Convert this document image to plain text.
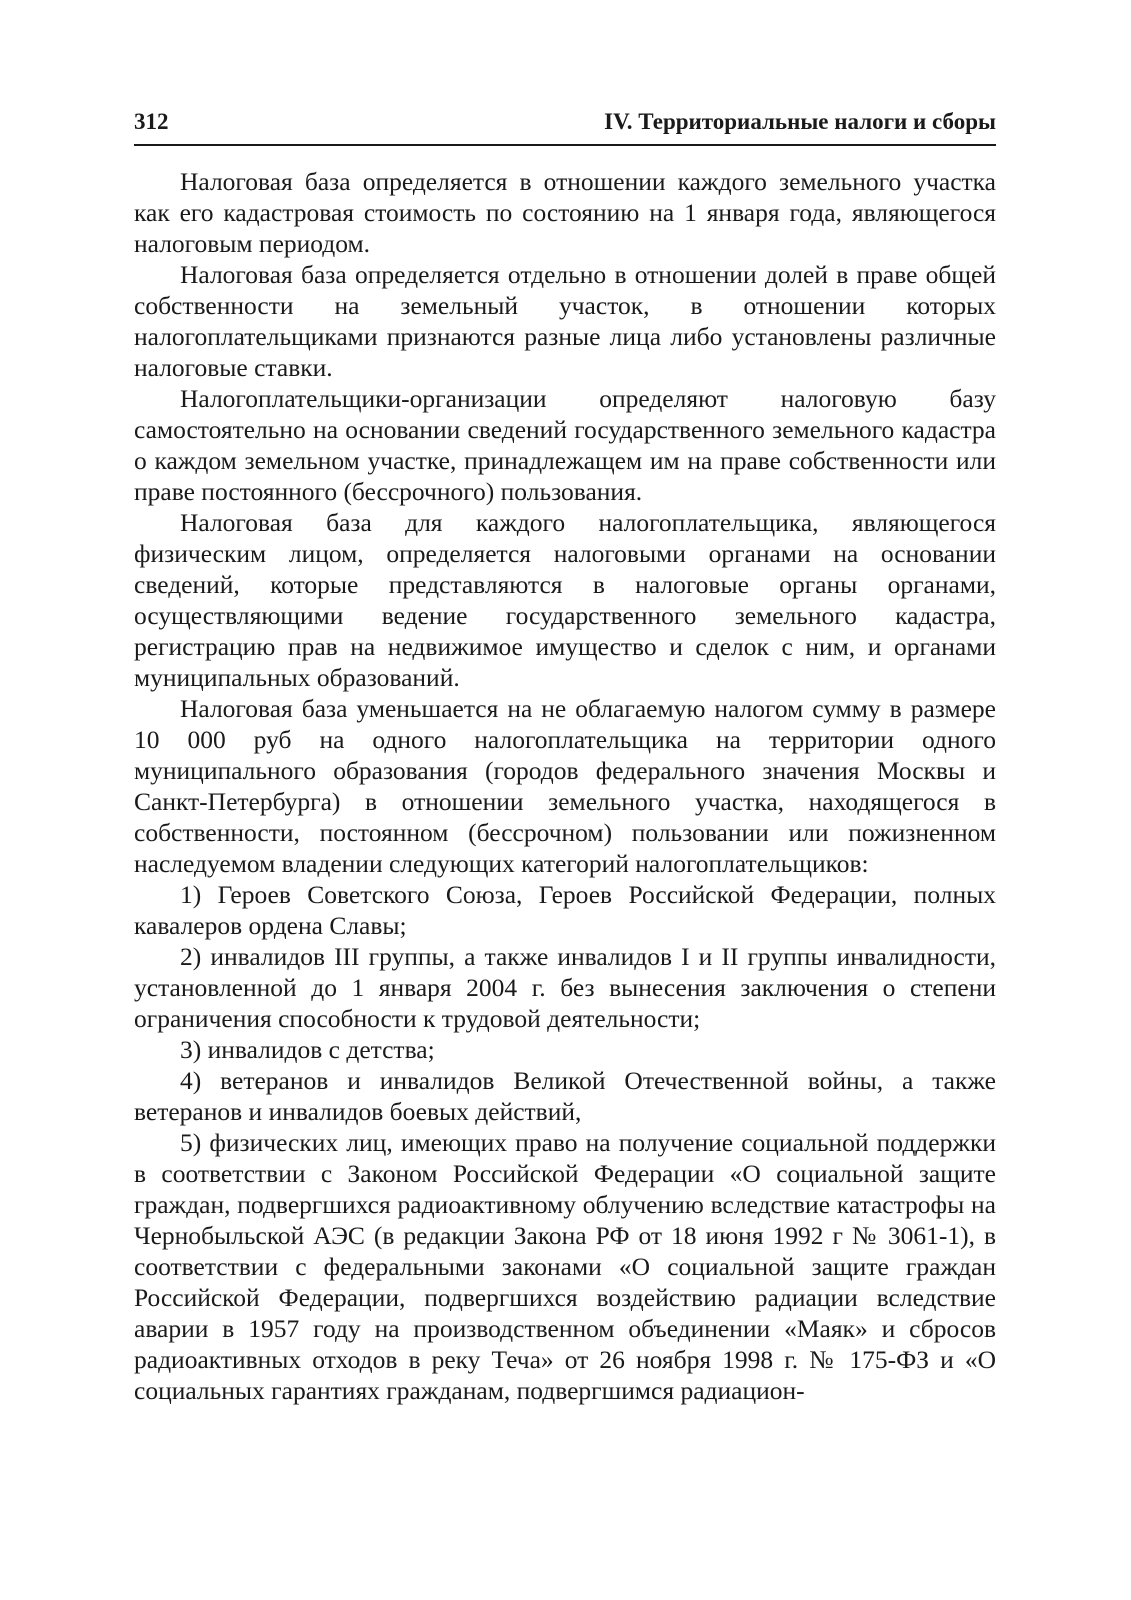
312	IV. Территориальные налоги и сборы

Налоговая база определяется в отношении каждого земельного участка как его кадастровая стоимость по состоянию на 1 января года, являющегося налоговым периодом.

Налоговая база определяется отдельно в отношении долей в праве общей собственности на земельный участок, в отношении которых налогоплательщиками признаются разные лица либо установлены различные налоговые ставки.

Налогоплательщики-организации определяют налоговую базу самостоятельно на основании сведений государственного земельного кадастра о каждом земельном участке, принадлежащем им на праве собственности или праве постоянного (бессрочного) пользования.

Налоговая база для каждого налогоплательщика, являющегося физическим лицом, определяется налоговыми органами на основании сведений, которые представляются в налоговые органы органами, осуществляющими ведение государственного земельного кадастра, регистрацию прав на недвижимое имущество и сделок с ним, и органами муниципальных образований.

Налоговая база уменьшается на не облагаемую налогом сумму в размере 10 000 руб на одного налогоплательщика на территории одного муниципального образования (городов федерального значения Москвы и Санкт-Петербурга) в отношении земельного участка, находящегося в собственности, постоянном (бессрочном) пользовании или пожизненном наследуемом владении следующих категорий налогоплательщиков:

1) Героев Советского Союза, Героев Российской Федерации, полных кавалеров ордена Славы;

2) инвалидов III группы, а также инвалидов I и II группы инвалидности, установленной до 1 января 2004 г. без вынесения заключения о степени ограничения способности к трудовой деятельности;

3) инвалидов с детства;

4) ветеранов и инвалидов Великой Отечественной войны, а также ветеранов и инвалидов боевых действий,

5) физических лиц, имеющих право на получение социальной поддержки в соответствии с Законом Российской Федерации «О социальной защите граждан, подвергшихся радиоактивному облучению вследствие катастрофы на Чернобыльской АЭС (в редакции Закона РФ от 18 июня 1992 г № 3061-1), в соответствии с федеральными законами «О социальной защите граждан Российской Федерации, подвергшихся воздействию радиации вследствие аварии в 1957 году на производственном объединении «Маяк» и сбросов радиоактивных отходов в реку Теча» от 26 ноября 1998 г. № 175-ФЗ и «О социальных гарантиях гражданам, подвергшимся радиацион-
